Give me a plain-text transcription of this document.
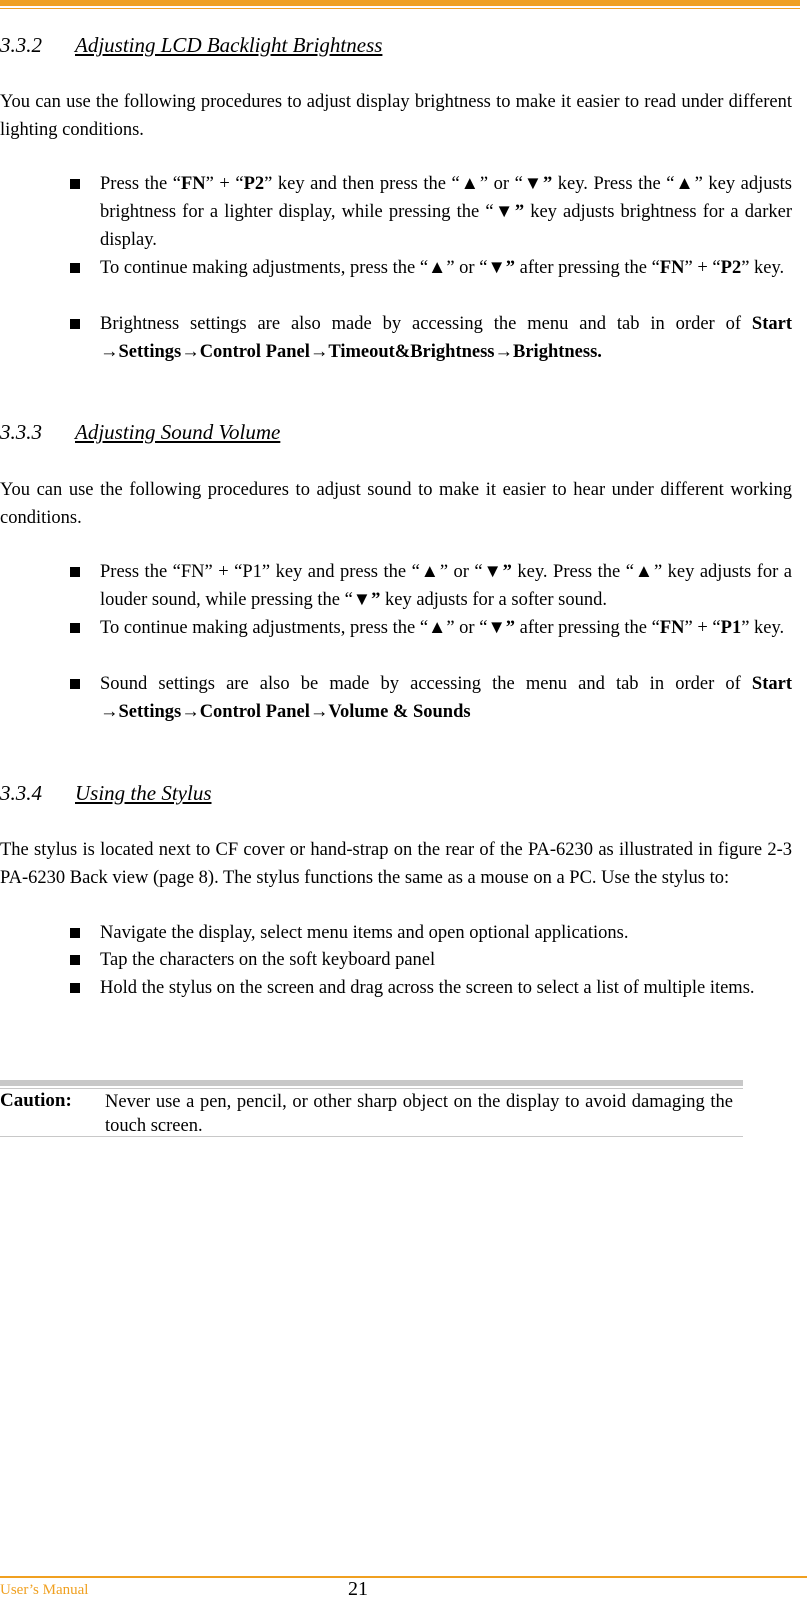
3.3.2 Adjusting LCD Backlight Brightness
You can use the following procedures to adjust display brightness to make it easier to read under different lighting conditions.
Press the “FN” + “P2” key and then press the “▲” or “▼” key. Press the “▲” key adjusts brightness for a lighter display, while pressing the “▼” key adjusts brightness for a darker display.
To continue making adjustments, press the “▲” or “▼” after pressing the “FN” + “P2” key.
Brightness settings are also made by accessing the menu and tab in order of Start →Settings→Control Panel→Timeout&Brightness→Brightness.
3.3.3 Adjusting Sound Volume
You can use the following procedures to adjust sound to make it easier to hear under different working conditions.
Press the “FN” + “P1” key and press the “▲” or “▼” key. Press the “▲” key adjusts for a louder sound, while pressing the “▼” key adjusts for a softer sound.
To continue making adjustments, press the “▲” or “▼” after pressing the “FN” + “P1” key.
Sound settings are also be made by accessing the menu and tab in order of Start →Settings→Control Panel→Volume & Sounds
3.3.4 Using the Stylus
The stylus is located next to CF cover or hand-strap on the rear of the PA-6230 as illustrated in figure 2-3 PA-6230 Back view (page 8). The stylus functions the same as a mouse on a PC. Use the stylus to:
Navigate the display, select menu items and open optional applications.
Tap the characters on the soft keyboard panel
Hold the stylus on the screen and drag across the screen to select a list of multiple items.
Caution: Never use a pen, pencil, or other sharp object on the display to avoid damaging the touch screen.
User’s Manual	21
